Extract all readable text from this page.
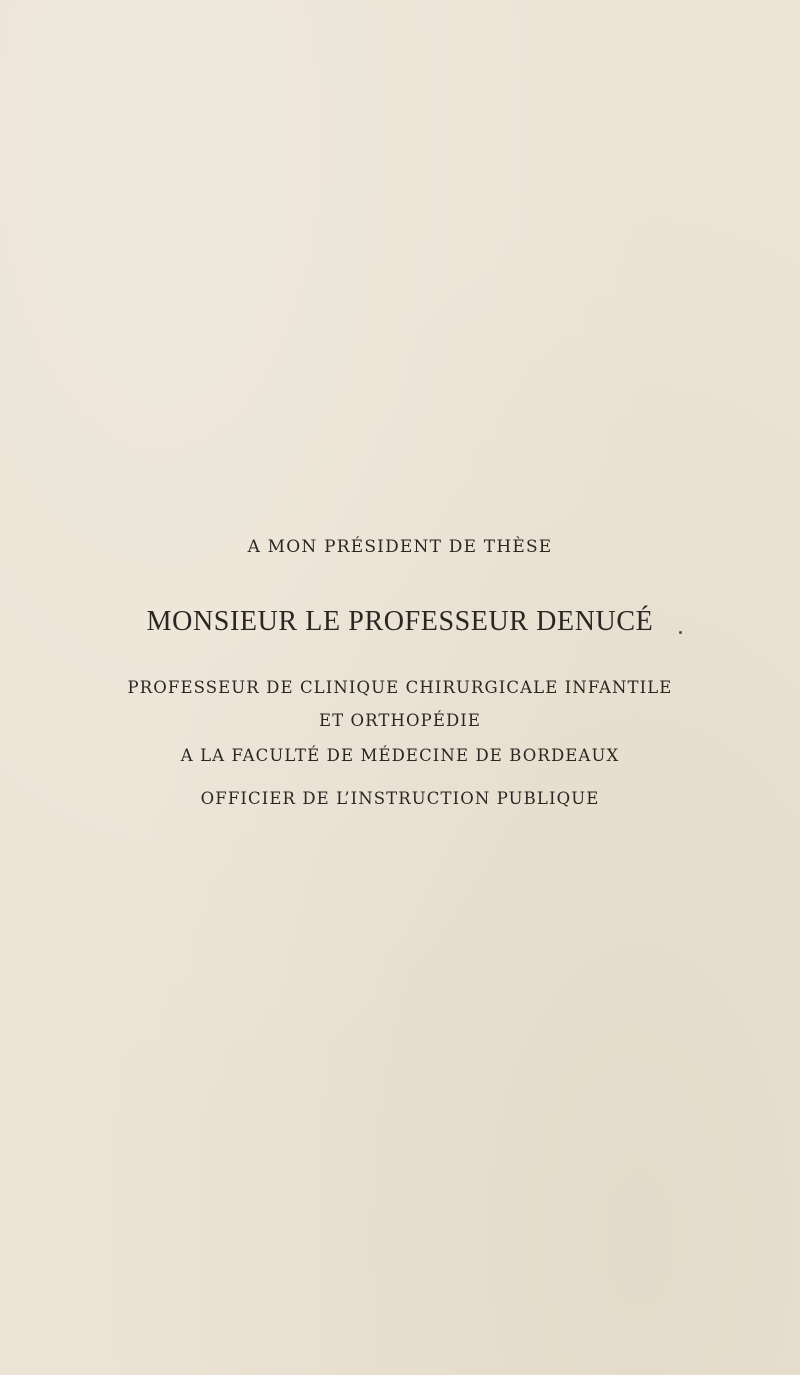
A MON PRÉSIDENT DE THÈSE
MONSIEUR LE PROFESSEUR DENUCÉ
PROFESSEUR DE CLINIQUE CHIRURGICALE INFANTILE
ET ORTHOPÉDIE
A LA FACULTÉ DE MÉDECINE DE BORDEAUX
OFFICIER DE L’INSTRUCTION PUBLIQUE
